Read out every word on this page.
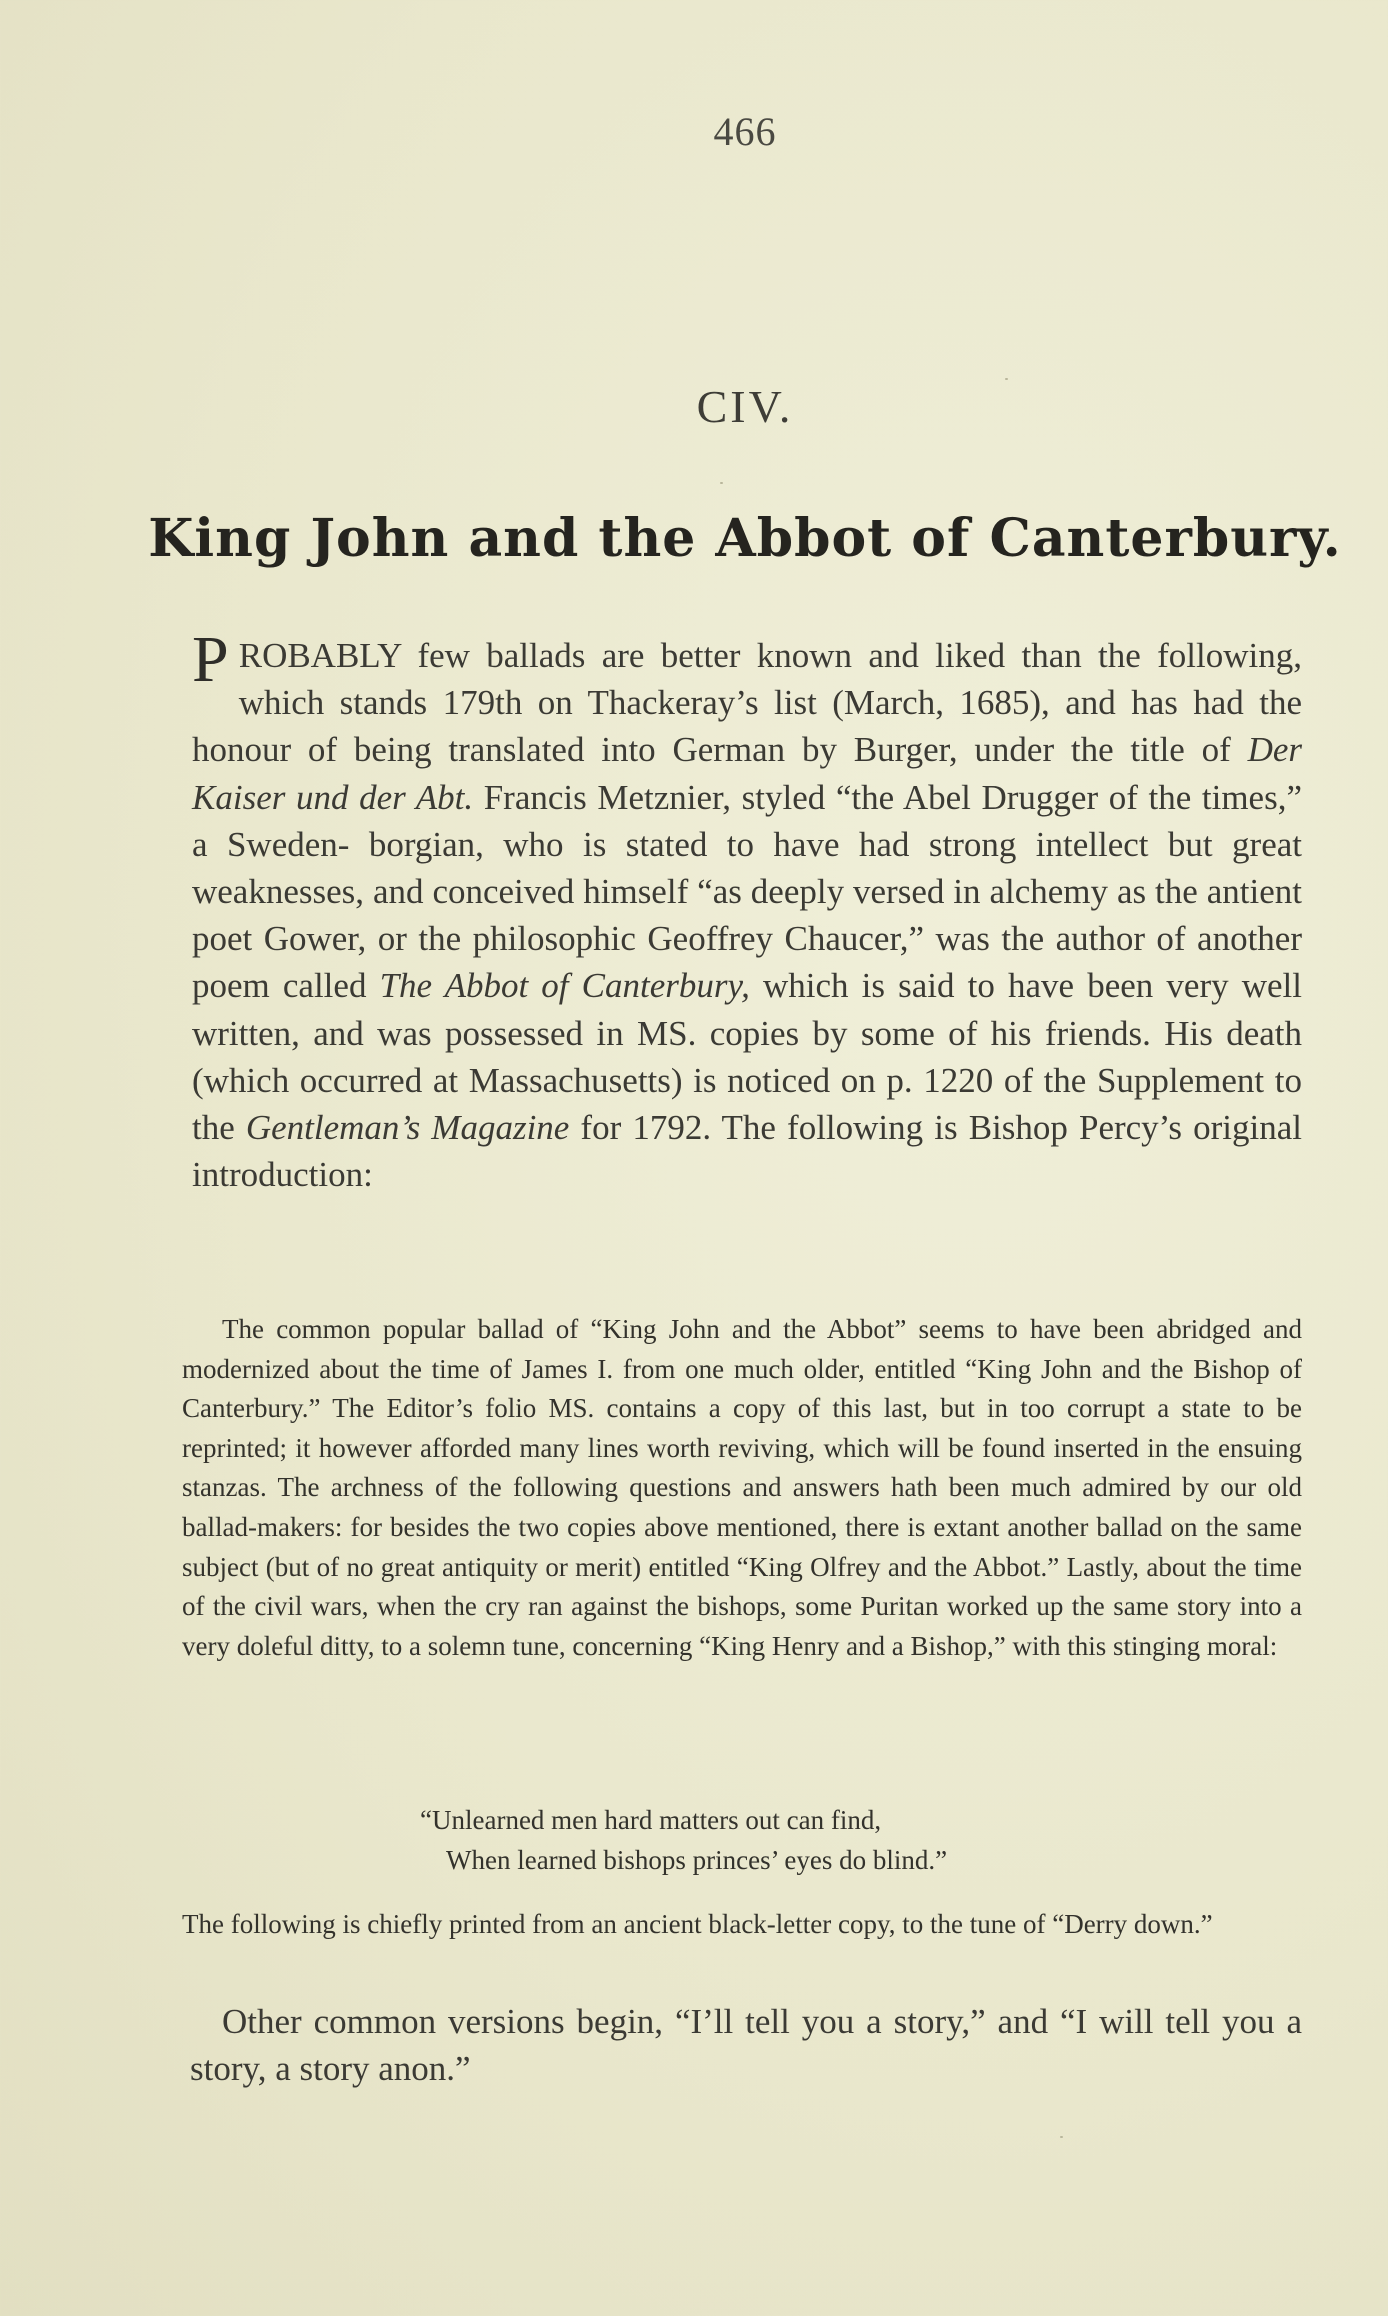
466
CIV.
King John and the Abbot of Canterbury.

PROBABLY few ballads are better known and liked than the following, which stands 179th on Thackeray’s list (March, 1685), and has had the honour of being translated into German by Burger, under the title of Der Kaiser und der Abt. Francis Metznier, styled “the Abel Drugger of the times,” a Sweden- borgian, who is stated to have had strong intellect but great weaknesses, and conceived himself “as deeply versed in alchemy as the antient poet Gower, or the philosophic Geoffrey Chaucer,” was the author of another poem called The Abbot of Canterbury, which is said to have been very well written, and was possessed in MS. copies by some of his friends. His death (which occurred at Massachusetts) is noticed on p. 1220 of the Supplement to the Gentleman’s Magazine for 1792. The following is Bishop Percy’s original introduction:

The common popular ballad of “King John and the Abbot” seems to have been abridged and modernized about the time of James I. from one much older, entitled “King John and the Bishop of Canterbury.” The Editor’s folio MS. contains a copy of this last, but in too corrupt a state to be reprinted; it however afforded many lines worth reviving, which will be found inserted in the ensuing stanzas. The archness of the following questions and answers hath been much admired by our old ballad-makers: for besides the two copies above mentioned, there is extant another ballad on the same subject (but of no great antiquity or merit) entitled “King Olfrey and the Abbot.” Lastly, about the time of the civil wars, when the cry ran against the bishops, some Puritan worked up the same story into a very doleful ditty, to a solemn tune, concerning “King Henry and a Bishop,” with this stinging moral:

“Unlearned men hard matters out can find,
When learned bishops princes’ eyes do blind.”

The following is chiefly printed from an ancient black-letter copy, to the tune of “Derry down.”

Other common versions begin, “I’ll tell you a story,” and “I will tell you a story, a story anon.”
